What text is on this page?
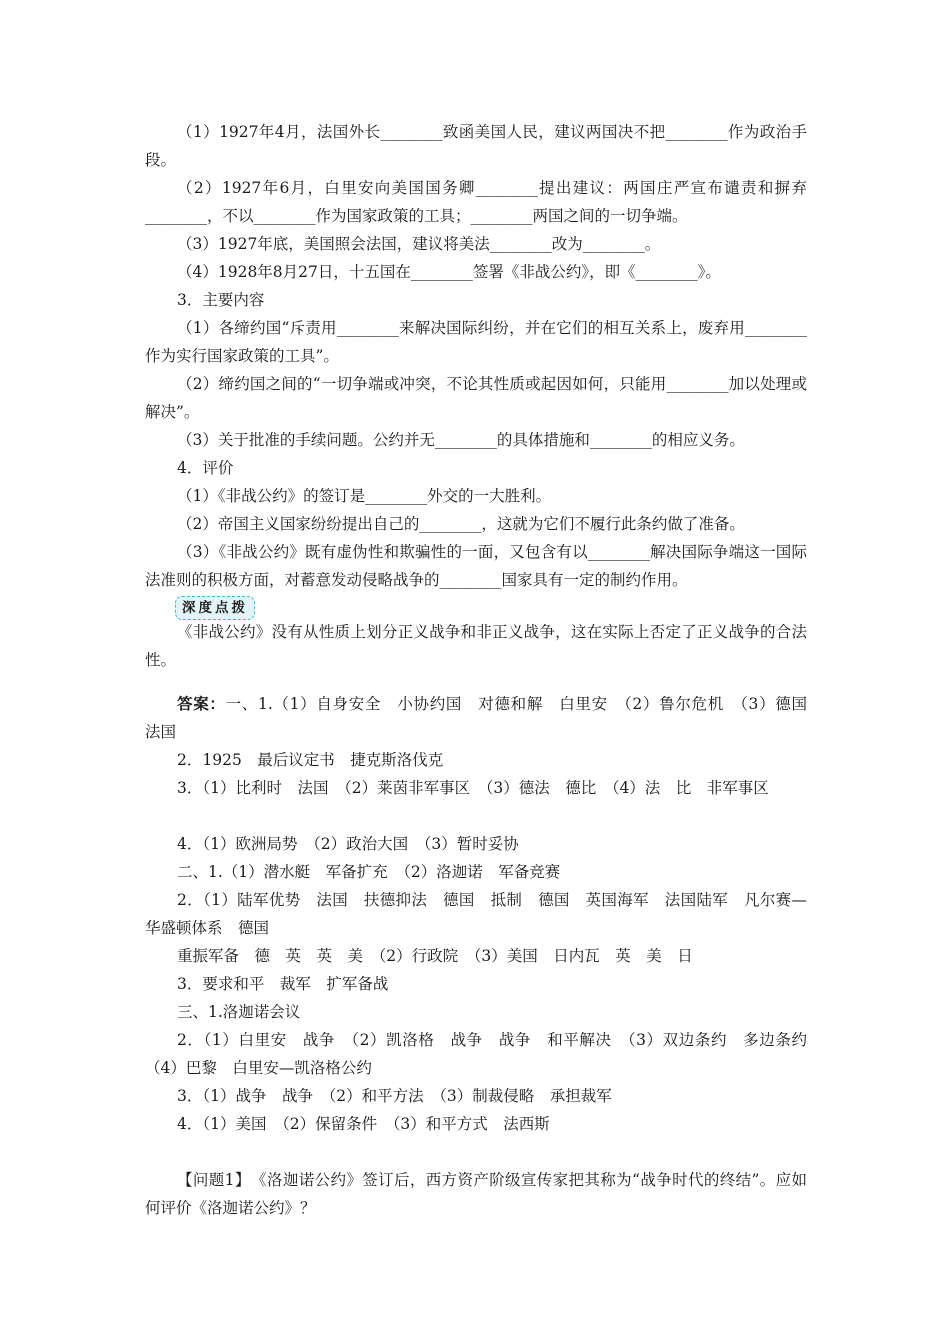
（1）1927年4月，法国外长________致函美国人民，建议两国决不把________作为政治手段。

（2）1927年6月，白里安向美国国务卿________提出建议：两国庄严宣布谴责和摒弃________，不以________作为国家政策的工具；________两国之间的一切争端。

（3）1927年底，美国照会法国，建议将美法________改为________。

（4）1928年8月27日，十五国在________签署《非战公约》，即《________》。

3．主要内容

（1）各缔约国“斥责用________来解决国际纠纷，并在它们的相互关系上，废弃用________作为实行国家政策的工具”。

（2）缔约国之间的“一切争端或冲突，不论其性质或起因如何，只能用________加以处理或解决”。

（3）关于批准的手续问题。公约并无________的具体措施和________的相应义务。

4．评价

（1）《非战公约》的签订是________外交的一大胜利。

（2）帝国主义国家纷纷提出自己的________，这就为它们不履行此条约做了准备。

（3）《非战公约》既有虚伪性和欺骗性的一面，又包含有以________解决国际争端这一国际法准则的积极方面，对蓄意发动侵略战争的________国家具有一定的制约作用。

深度点拨

《非战公约》没有从性质上划分正义战争和非正义战争，这在实际上否定了正义战争的合法性。

答案：一、1.（1）自身安全　小协约国　对德和解　白里安　（2）鲁尔危机　（3）德国　法国

2．1925　最后议定书　捷克斯洛伐克

3．（1）比利时　法国　（2）莱茵非军事区　（3）德法　德比　（4）法　比　非军事区

4．（1）欧洲局势　（2）政治大国　（3）暂时妥协

二、1.（1）潜水艇　军备扩充　（2）洛迦诺　军备竞赛

2．（1）陆军优势　法国　扶德抑法　德国　抵制　德国　英国海军　法国陆军　凡尔赛—华盛顿体系　德国

重振军备　德　英　英　美　（2）行政院　（3）美国　日内瓦　英　美　日

3．要求和平　裁军　扩军备战

三、1.洛迦诺会议

2．（1）白里安　战争　（2）凯洛格　战争　战争　和平解决　（3）双边条约　多边条约　（4）巴黎　白里安—凯洛格公约

3．（1）战争　战争　（2）和平方法　（3）制裁侵略　承担裁军

4．（1）美国　（2）保留条件　（3）和平方式　法西斯

【问题1】　 《洛迦诺公约》签订后，西方资产阶级宣传家把其称为“战争时代的终结”。应如何评价《洛迦诺公约》？
